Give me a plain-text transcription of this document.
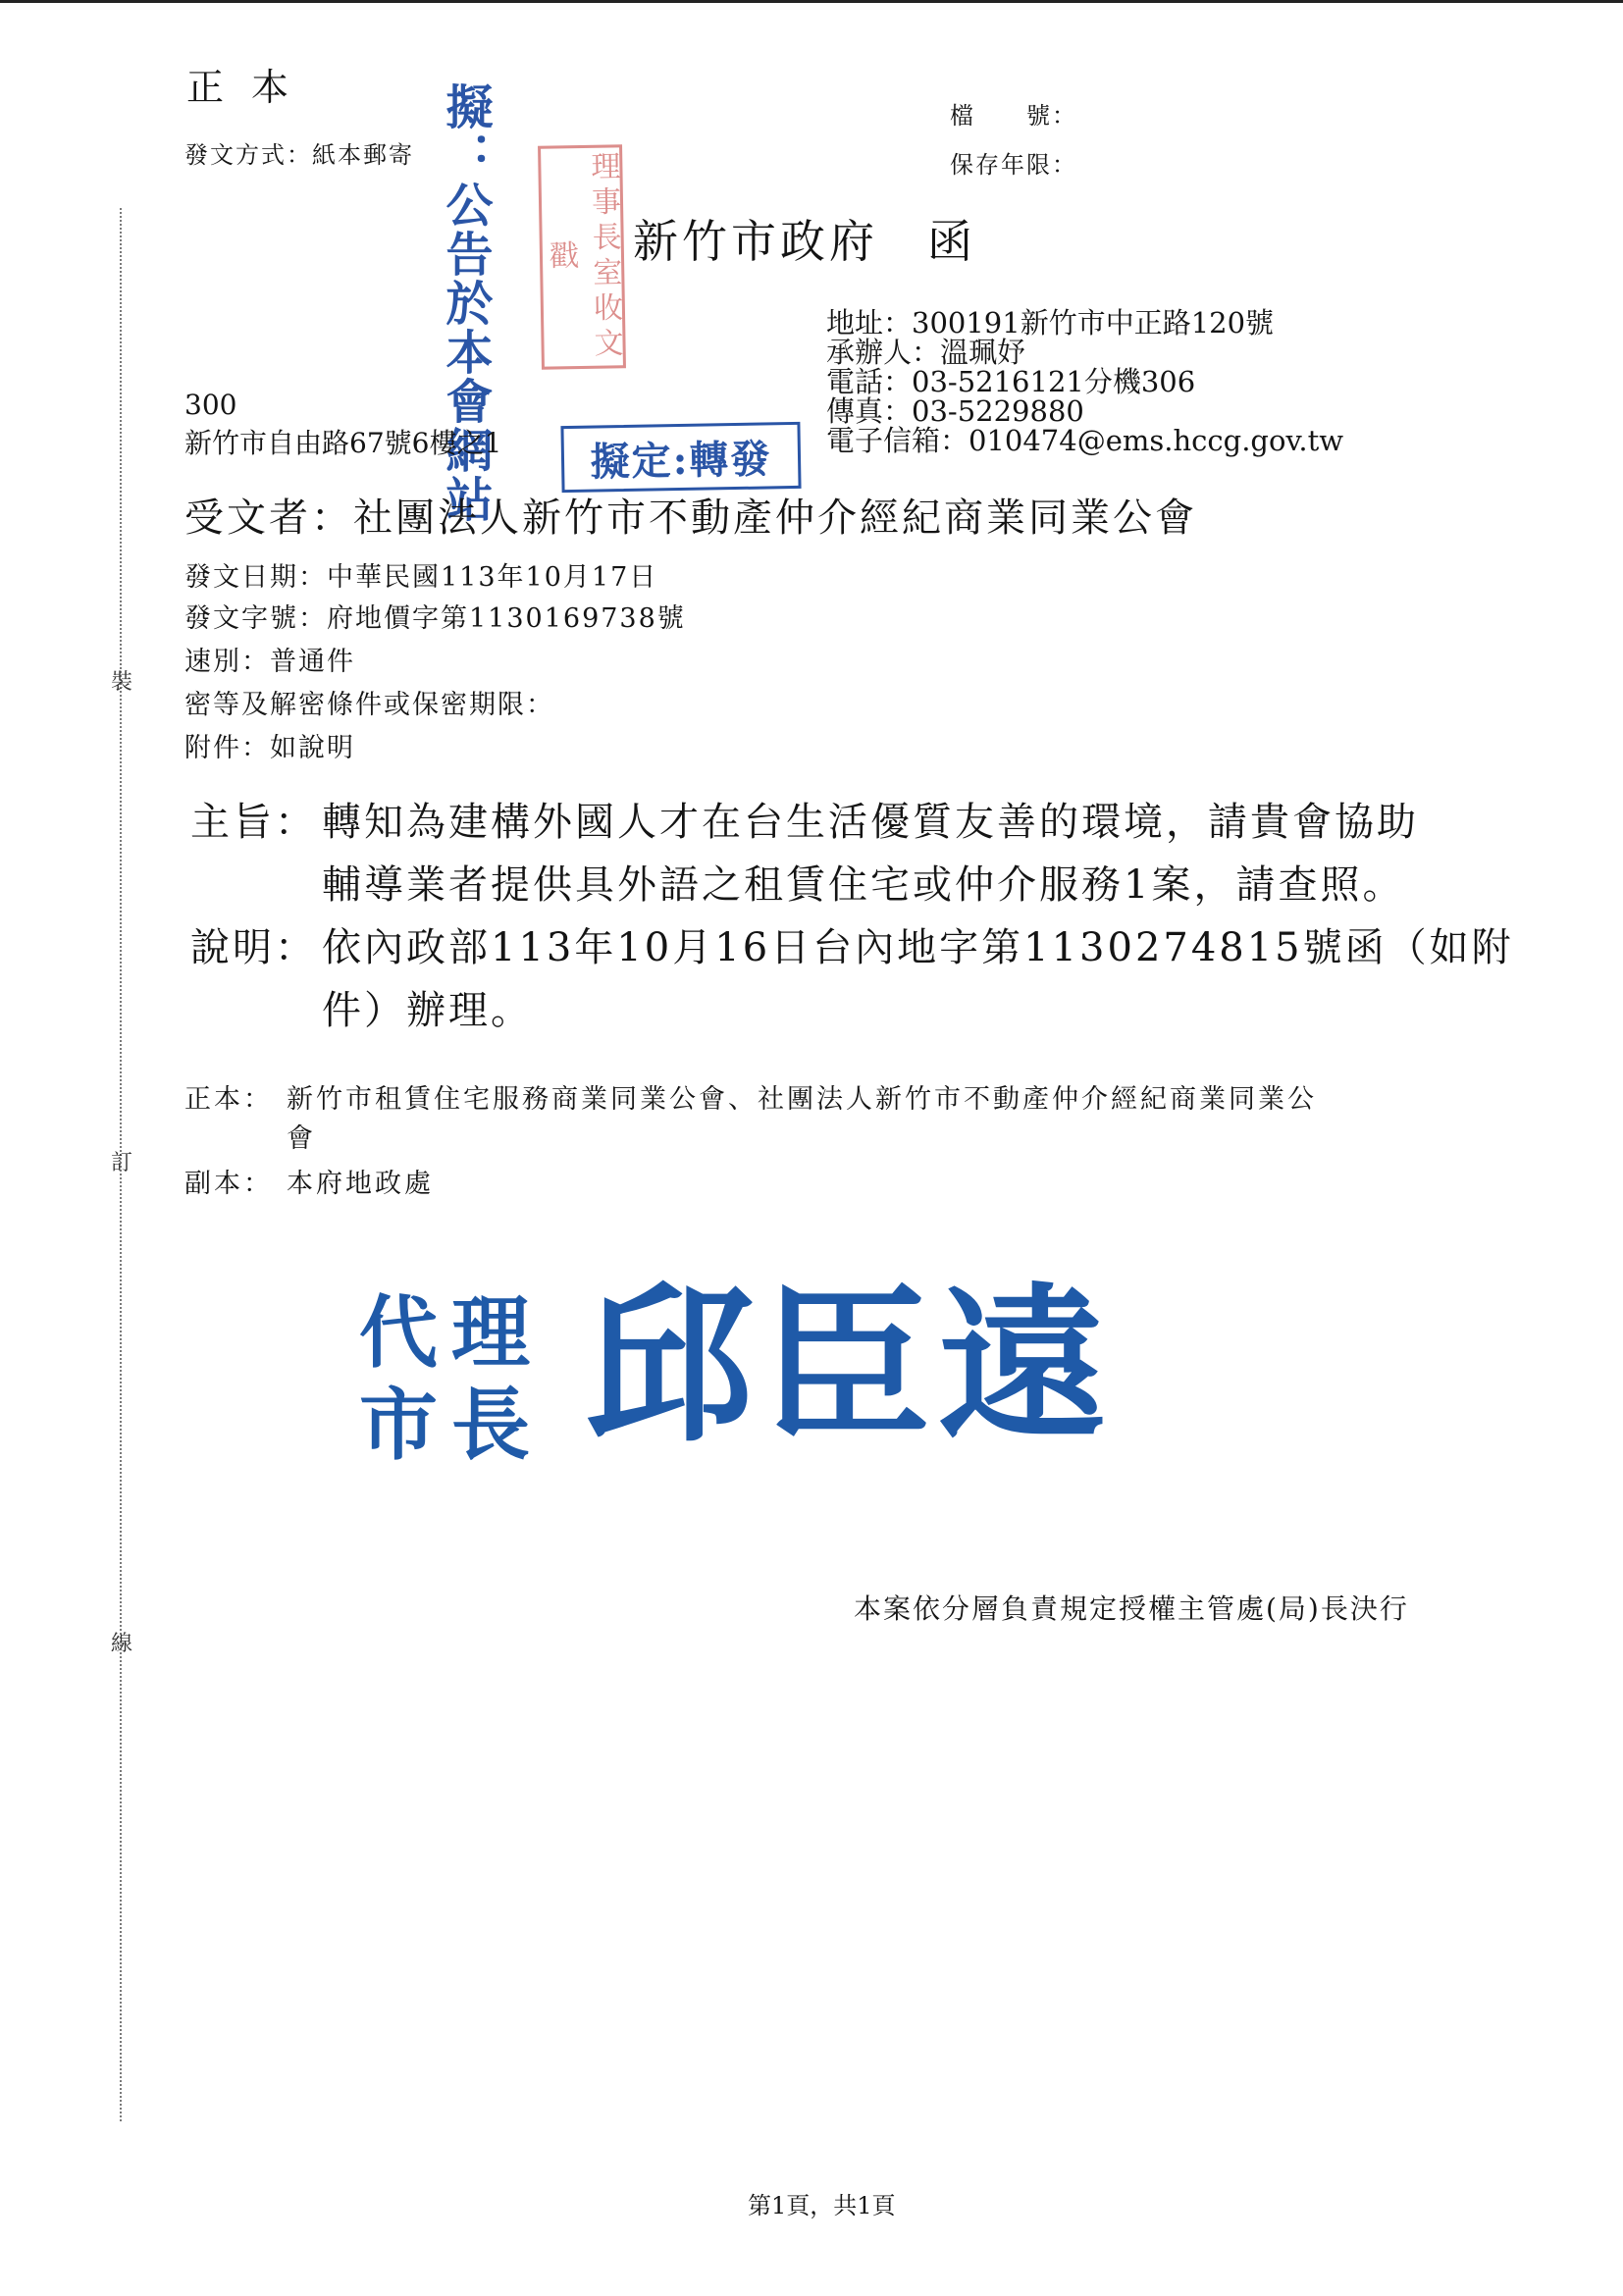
裝
訂
線
正本
發文方式：紙本郵寄
檔　　號：
保存年限：
擬：公告於本會網站	理事長室收文戳	新竹市政府　函
地址：300191新竹市中正路120號
承辦人：溫珮妤
電話：03-5216121分機306
傳真：03-5229880
電子信箱：010474@ems.hccg.gov.tw
300
新竹市自由路67號6樓之1	擬定:轉發
受文者：社團法人新竹市不動產仲介經紀商業同業公會
發文日期：中華民國113年10月17日
發文字號：府地價字第1130169738號
速別：普通件
密等及解密條件或保密期限：
附件：如說明
主旨： 轉知為建構外國人才在台生活優質友善的環境，請貴會協助
輔導業者提供具外語之租賃住宅或仲介服務1案，請查照。
說明： 依內政部113年10月16日台內地字第1130274815號函（如附
件）辦理。
正本： 新竹市租賃住宅服務商業同業公會、社團法人新竹市不動產仲介經紀商業同業公
會
副本： 本府地政處
代理
市長 邱臣遠
本案依分層負責規定授權主管處(局)長決行
第1頁，共1頁
